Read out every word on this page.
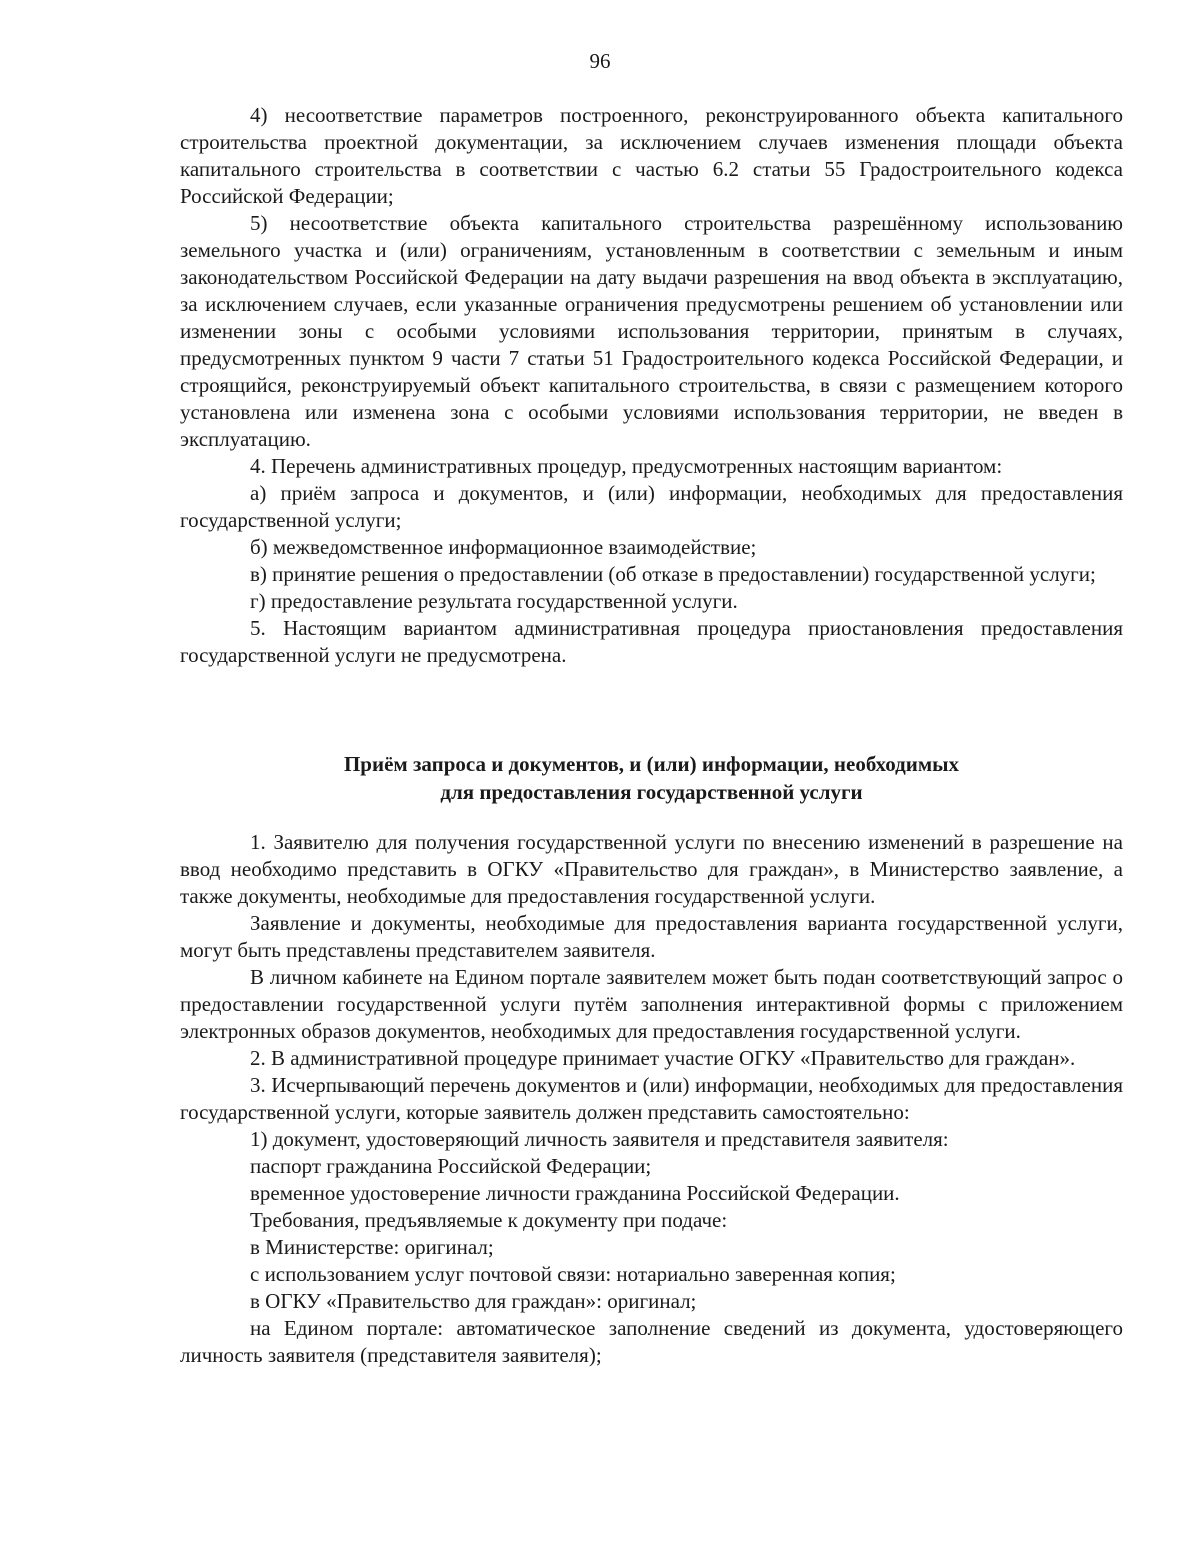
96

4) несоответствие параметров построенного, реконструированного объекта капитального строительства проектной документации, за исключением случаев изменения площади объекта капитального строительства в соответствии с частью 6.2 статьи 55 Градостроительного кодекса Российской Федерации;

5) несоответствие объекта капитального строительства разрешённому использованию земельного участка и (или) ограничениям, установленным в соответствии с земельным и иным законодательством Российской Федерации на дату выдачи разрешения на ввод объекта в эксплуатацию, за исключением случаев, если указанные ограничения предусмотрены решением об установлении или изменении зоны с особыми условиями использования территории, принятым в случаях, предусмотренных пунктом 9 части 7 статьи 51 Градостроительного кодекса Российской Федерации, и строящийся, реконструируемый объект капитального строительства, в связи с размещением которого установлена или изменена зона с особыми условиями использования территории, не введен в эксплуатацию.

4. Перечень административных процедур, предусмотренных настоящим вариантом:

а) приём запроса и документов, и (или) информации, необходимых для предоставления государственной услуги;

б) межведомственное информационное взаимодействие;

в) принятие решения о предоставлении (об отказе в предоставлении) государственной услуги;

г) предоставление результата государственной услуги.

5. Настоящим вариантом административная процедура приостановления предоставления государственной услуги не предусмотрена.

Приём запроса и документов, и (или) информации, необходимых
для предоставления государственной услуги

1. Заявителю для получения государственной услуги по внесению изменений в разрешение на ввод необходимо представить в ОГКУ «Правительство для граждан», в Министерство заявление, а также документы, необходимые для предоставления государственной услуги.

Заявление и документы, необходимые для предоставления варианта государственной услуги, могут быть представлены представителем заявителя.

В личном кабинете на Едином портале заявителем может быть подан соответствующий запрос о предоставлении государственной услуги путём заполнения интерактивной формы с приложением электронных образов документов, необходимых для предоставления государственной услуги.

2. В административной процедуре принимает участие ОГКУ «Правительство для граждан».

3. Исчерпывающий перечень документов и (или) информации, необходимых для предоставления государственной услуги, которые заявитель должен представить самостоятельно:

1) документ, удостоверяющий личность заявителя и представителя заявителя:

паспорт гражданина Российской Федерации;

временное удостоверение личности гражданина Российской Федерации.

Требования, предъявляемые к документу при подаче:

в Министерстве: оригинал;

с использованием услуг почтовой связи: нотариально заверенная копия;

в ОГКУ «Правительство для граждан»: оригинал;

на Едином портале: автоматическое заполнение сведений из документа, удостоверяющего личность заявителя (представителя заявителя);
